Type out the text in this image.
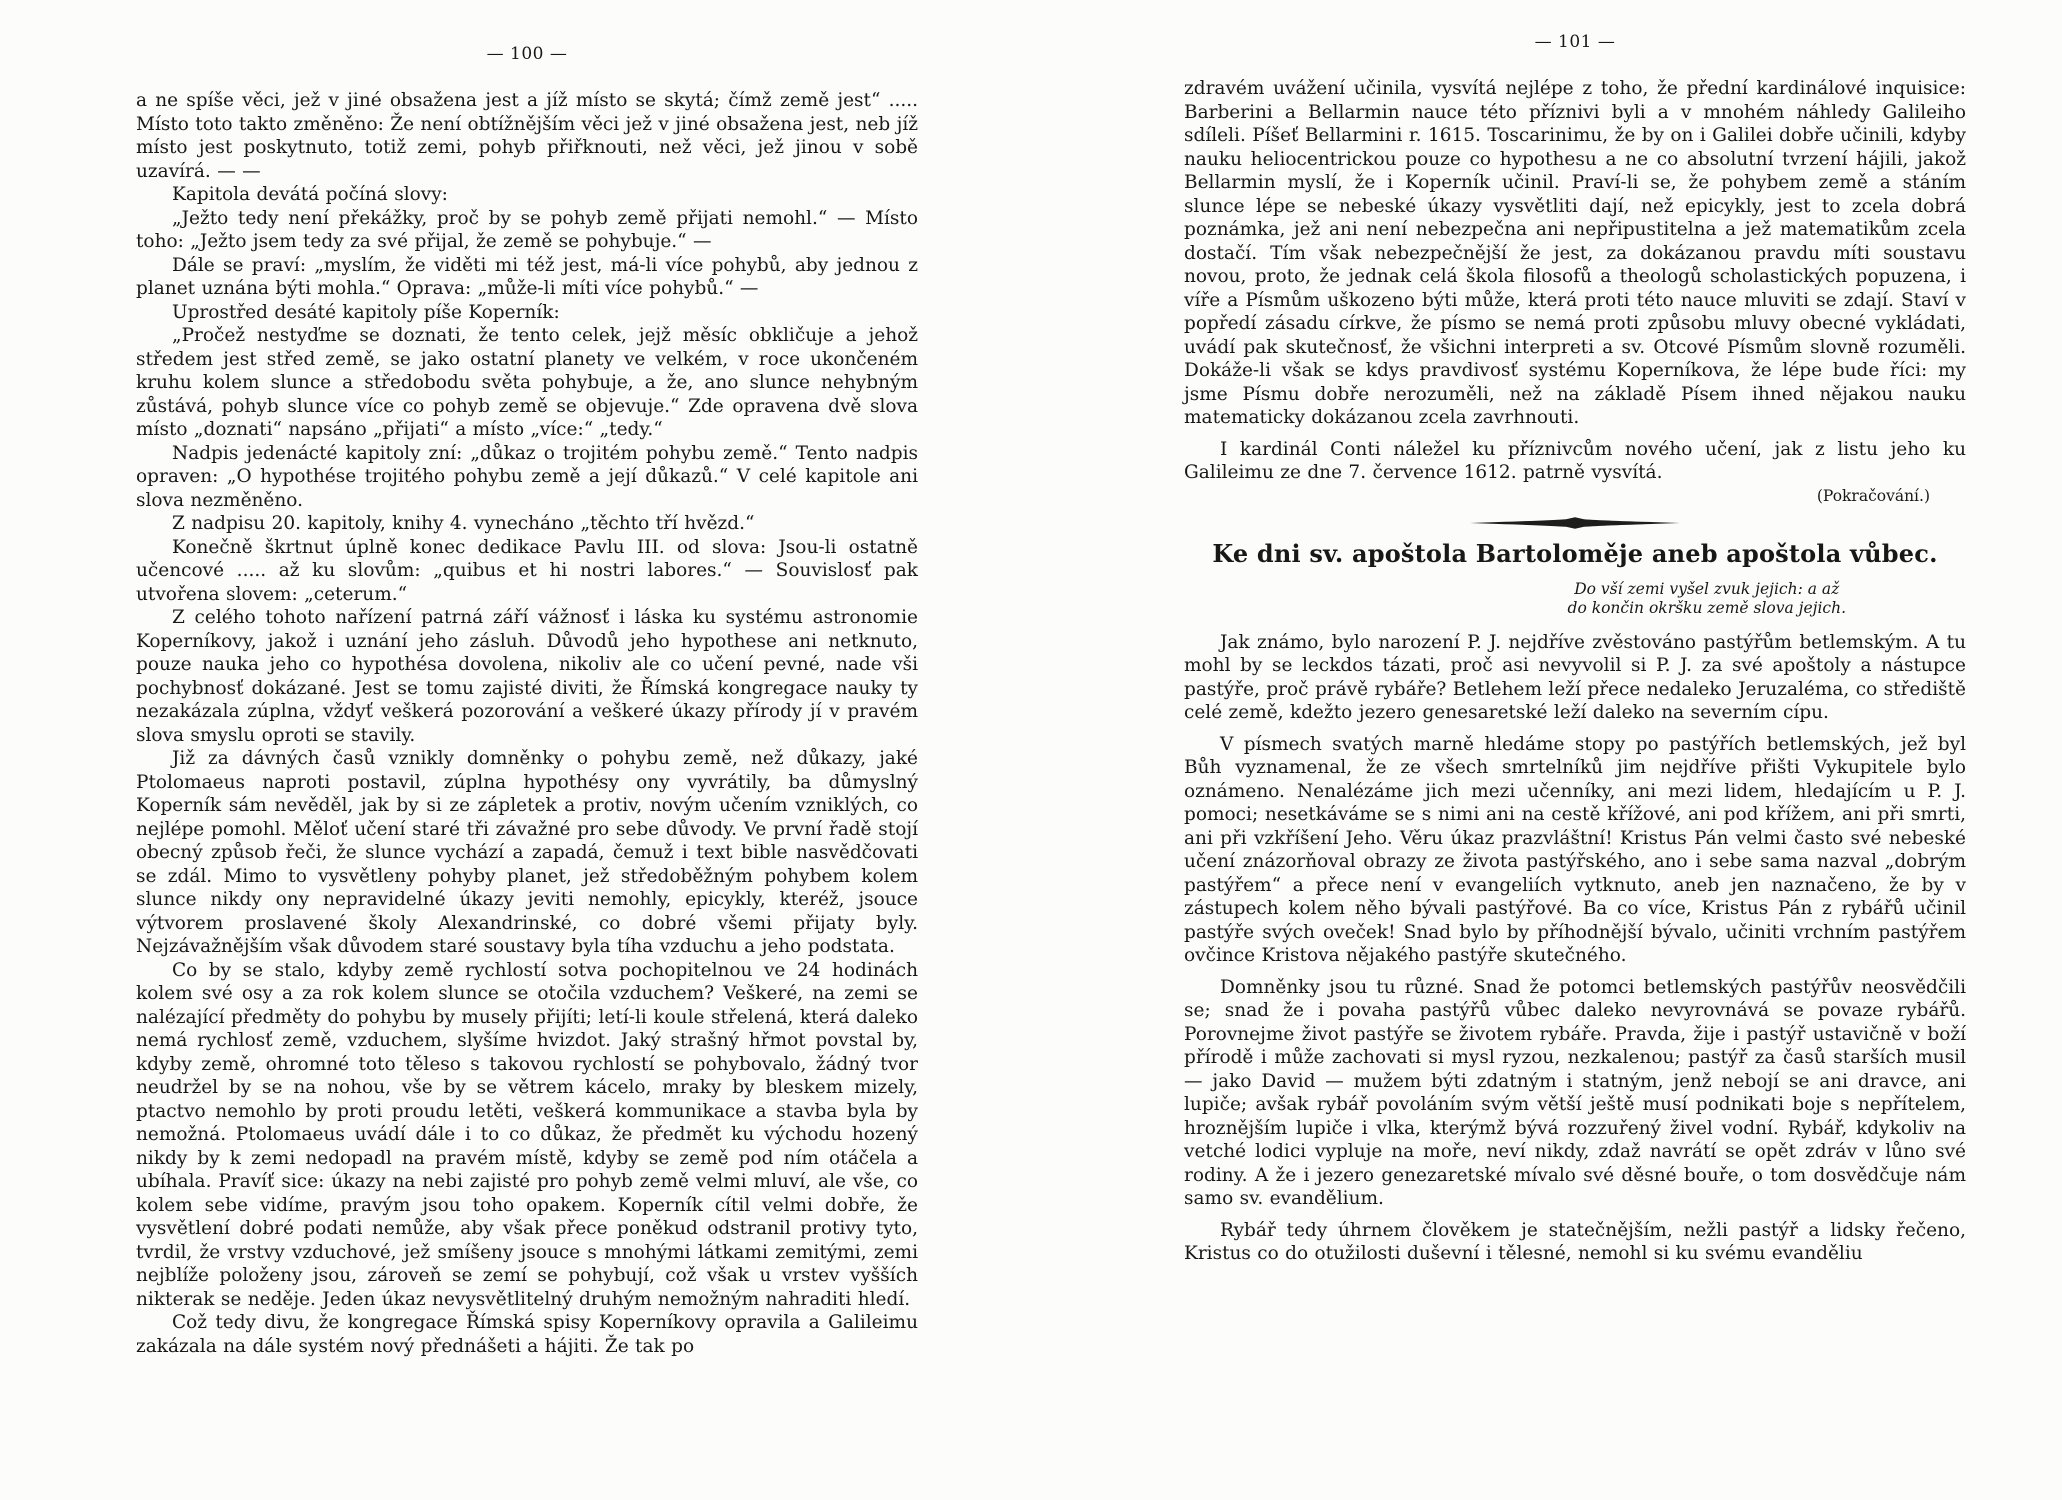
— 100 —

a ne spíše věci, jež v jiné obsažena jest a jíž místo se skytá; čímž země jest“ ..... Místo toto takto změněno: Že není obtížnějším věci jež v jiné obsažena jest, neb jíž místo jest poskytnuto, totiž zemi, pohyb přiřknouti, než věci, jež jinou v sobě uzavírá. — —

Kapitola devátá počíná slovy:

„Ježto tedy není překážky, proč by se pohyb země přijati nemohl.“ — Místo toho: „Ježto jsem tedy za své přijal, že země se pohybuje.“ —

Dále se praví: „myslím, že viděti mi též jest, má-li více pohybů, aby jednou z planet uznána býti mohla.“ Oprava: „může-li míti více pohybů.“ —

Uprostřed desáté kapitoly píše Koperník:

„Pročež nestyďme se doznati, že tento celek, jejž měsíc obkličuje a jehož středem jest střed země, se jako ostatní planety ve velkém, v roce ukončeném kruhu kolem slunce a středobodu světa pohybuje, a že, ano slunce nehybným zůstává, pohyb slunce více co pohyb země se objevuje.“ Zde opravena dvě slova místo „doznati“ napsáno „přijati“ a místo „více:“ „tedy.“

Nadpis jedenácté kapitoly zní: „důkaz o trojitém pohybu země.“ Tento nadpis opraven: „O hypothése trojitého pohybu země a její důkazů.“ V celé kapitole ani slova nezměněno.

Z nadpisu 20. kapitoly, knihy 4. vynecháno „těchto tří hvězd.“

Konečně škrtnut úplně konec dedikace Pavlu III. od slova: Jsou-li ostatně učencové ..... až ku slovům: „quibus et hi nostri labores.“ — Souvislosť pak utvořena slovem: „ceterum.“

Z celého tohoto nařízení patrná září vážnosť i láska ku systému astronomie Koperníkovy, jakož i uznání jeho zásluh. Důvodů jeho hypothese ani netknuto, pouze nauka jeho co hypothésa dovolena, nikoliv ale co učení pevné, nade vši pochybnosť dokázané. Jest se tomu zajisté diviti, že Římská kongregace nauky ty nezakázala zúplna, vždyť veškerá pozorování a veškeré úkazy přírody jí v pravém slova smyslu oproti se stavily.

Již za dávných časů vznikly domněnky o pohybu země, než důkazy, jaké Ptolomaeus naproti postavil, zúplna hypothésy ony vyvrátily, ba důmyslný Koperník sám nevěděl, jak by si ze zápletek a protiv, novým učením vzniklých, co nejlépe pomohl. Měloť učení staré tři závažné pro sebe důvody. Ve první řadě stojí obecný způsob řeči, že slunce vychází a zapadá, čemuž i text bible nasvědčovati se zdál. Mimo to vysvětleny pohyby planet, jež středoběžným pohybem kolem slunce nikdy ony nepravidelné úkazy jeviti nemohly, epicykly, kteréž, jsouce výtvorem proslavené školy Alexandrinské, co dobré všemi přijaty byly. Nejzávažnějším však důvodem staré soustavy byla tíha vzduchu a jeho podstata.

Co by se stalo, kdyby země rychlostí sotva pochopitelnou ve 24 hodinách kolem své osy a za rok kolem slunce se otočila vzduchem? Veškeré, na zemi se nalézající předměty do pohybu by musely přijíti; letí-li koule střelená, která daleko nemá rychlosť země, vzduchem, slyšíme hvizdot. Jaký strašný hřmot povstal by, kdyby země, ohromné toto těleso s takovou rychlostí se pohybovalo, žádný tvor neudržel by se na nohou, vše by se větrem kácelo, mraky by bleskem mizely, ptactvo nemohlo by proti proudu letěti, veškerá kommunikace a stavba byla by nemožná. Ptolomaeus uvádí dále i to co důkaz, že předmět ku východu hozený nikdy by k zemi nedopadl na pravém místě, kdyby se země pod ním otáčela a ubíhala. Pravíť sice: úkazy na nebi zajisté pro pohyb země velmi mluví, ale vše, co kolem sebe vidíme, pravým jsou toho opakem. Koperník cítil velmi dobře, že vysvětlení dobré podati nemůže, aby však přece poněkud odstranil protivy tyto, tvrdil, že vrstvy vzduchové, jež smíšeny jsouce s mnohými látkami zemitými, zemi nejblíže položeny jsou, zároveň se zemí se pohybují, což však u vrstev vyšších nikterak se neděje. Jeden úkaz nevysvětlitelný druhým nemožným nahraditi hledí.

Což tedy divu, že kongregace Římská spisy Koperníkovy opravila a Galileimu zakázala na dále systém nový přednášeti a hájiti. Že tak po

— 101 —

zdravém uvážení učinila, vysvítá nejlépe z toho, že přední kardinálové inquisice: Barberini a Bellarmin nauce této příznivi byli a v mnohém náhledy Galileiho sdíleli. Píšeť Bellarmini r. 1615. Toscarinimu, že by on i Galilei dobře učinili, kdyby nauku heliocentrickou pouze co hypothesu a ne co absolutní tvrzení hájili, jakož Bellarmin myslí, že i Koperník učinil. Praví-li se, že pohybem země a stáním slunce lépe se nebeské úkazy vysvětliti dají, než epicykly, jest to zcela dobrá poznámka, jež ani není nebezpečna ani nepřipustitelna a jež matematikům zcela dostačí. Tím však nebezpečnější že jest, za dokázanou pravdu míti soustavu novou, proto, že jednak celá škola filosofů a theologů scholastických popuzena, i víře a Písmům uškozeno býti může, která proti této nauce mluviti se zdají. Staví v popředí zásadu církve, že písmo se nemá proti způsobu mluvy obecné vykládati, uvádí pak skutečnosť, že všichni interpreti a sv. Otcové Písmům slovně rozuměli. Dokáže-li však se kdys pravdivosť systému Koperníkova, že lépe bude říci: my jsme Písmu dobře nerozuměli, než na základě Písem ihned nějakou nauku matematicky dokázanou zcela zavrhnouti.

I kardinál Conti náležel ku příznivcům nového učení, jak z listu jeho ku Galileimu ze dne 7. července 1612. patrně vysvítá.

(Pokračování.)
Ke dni sv. apoštola Bartoloměje aneb apoštola vůbec.
Do vší zemi vyšel zvuk jejich: a až
do končin okršku země slova jejich.

Jak známo, bylo narození P. J. nejdříve zvěstováno pastýřům betlemským. A tu mohl by se leckdos tázati, proč asi nevyvolil si P. J. za své apoštoly a nástupce pastýře, proč právě rybáře? Betlehem leží přece nedaleko Jeruzaléma, co střediště celé země, kdežto jezero genesaretské leží daleko na severním cípu.

V písmech svatých marně hledáme stopy po pastýřích betlemských, jež byl Bůh vyznamenal, že ze všech smrtelníků jim nejdříve přišti Vykupitele bylo oznámeno. Nenalézáme jich mezi učenníky, ani mezi lidem, hledajícím u P. J. pomoci; nesetkáváme se s nimi ani na cestě křížové, ani pod křížem, ani při smrti, ani při vzkříšení Jeho. Věru úkaz prazvláštní! Kristus Pán velmi často své nebeské učení znázorňoval obrazy ze života pastýřského, ano i sebe sama nazval „dobrým pastýřem“ a přece není v evangeliích vytknuto, aneb jen naznačeno, že by v zástupech kolem něho bývali pastýřové. Ba co více, Kristus Pán z rybářů učinil pastýře svých oveček! Snad bylo by příhodnější bývalo, učiniti vrchním pastýřem ovčince Kristova nějakého pastýře skutečného.

Domněnky jsou tu různé. Snad že potomci betlemských pastýřův neosvědčili se; snad že i povaha pastýřů vůbec daleko nevyrovnává se povaze rybářů. Porovnejme život pastýře se životem rybáře. Pravda, žije i pastýř ustavičně v boží přírodě i může zachovati si mysl ryzou, nezkalenou; pastýř za časů starších musil — jako David — mužem býti zdatným i statným, jenž nebojí se ani dravce, ani lupiče; avšak rybář povoláním svým větší ještě musí podnikati boje s nepřítelem, hroznějším lupiče i vlka, kterýmž bývá rozzuřený živel vodní. Rybář, kdykoliv na vetché lodici vypluje na moře, neví nikdy, zdaž navrátí se opět zdráv v lůno své rodiny. A že i jezero genezaretské mívalo své děsné bouře, o tom dosvědčuje nám samo sv. evandělium.

Rybář tedy úhrnem člověkem je statečnějším, nežli pastýř a lidsky řečeno, Kristus co do otužilosti duševní i tělesné, nemohl si ku svému evanděliu
